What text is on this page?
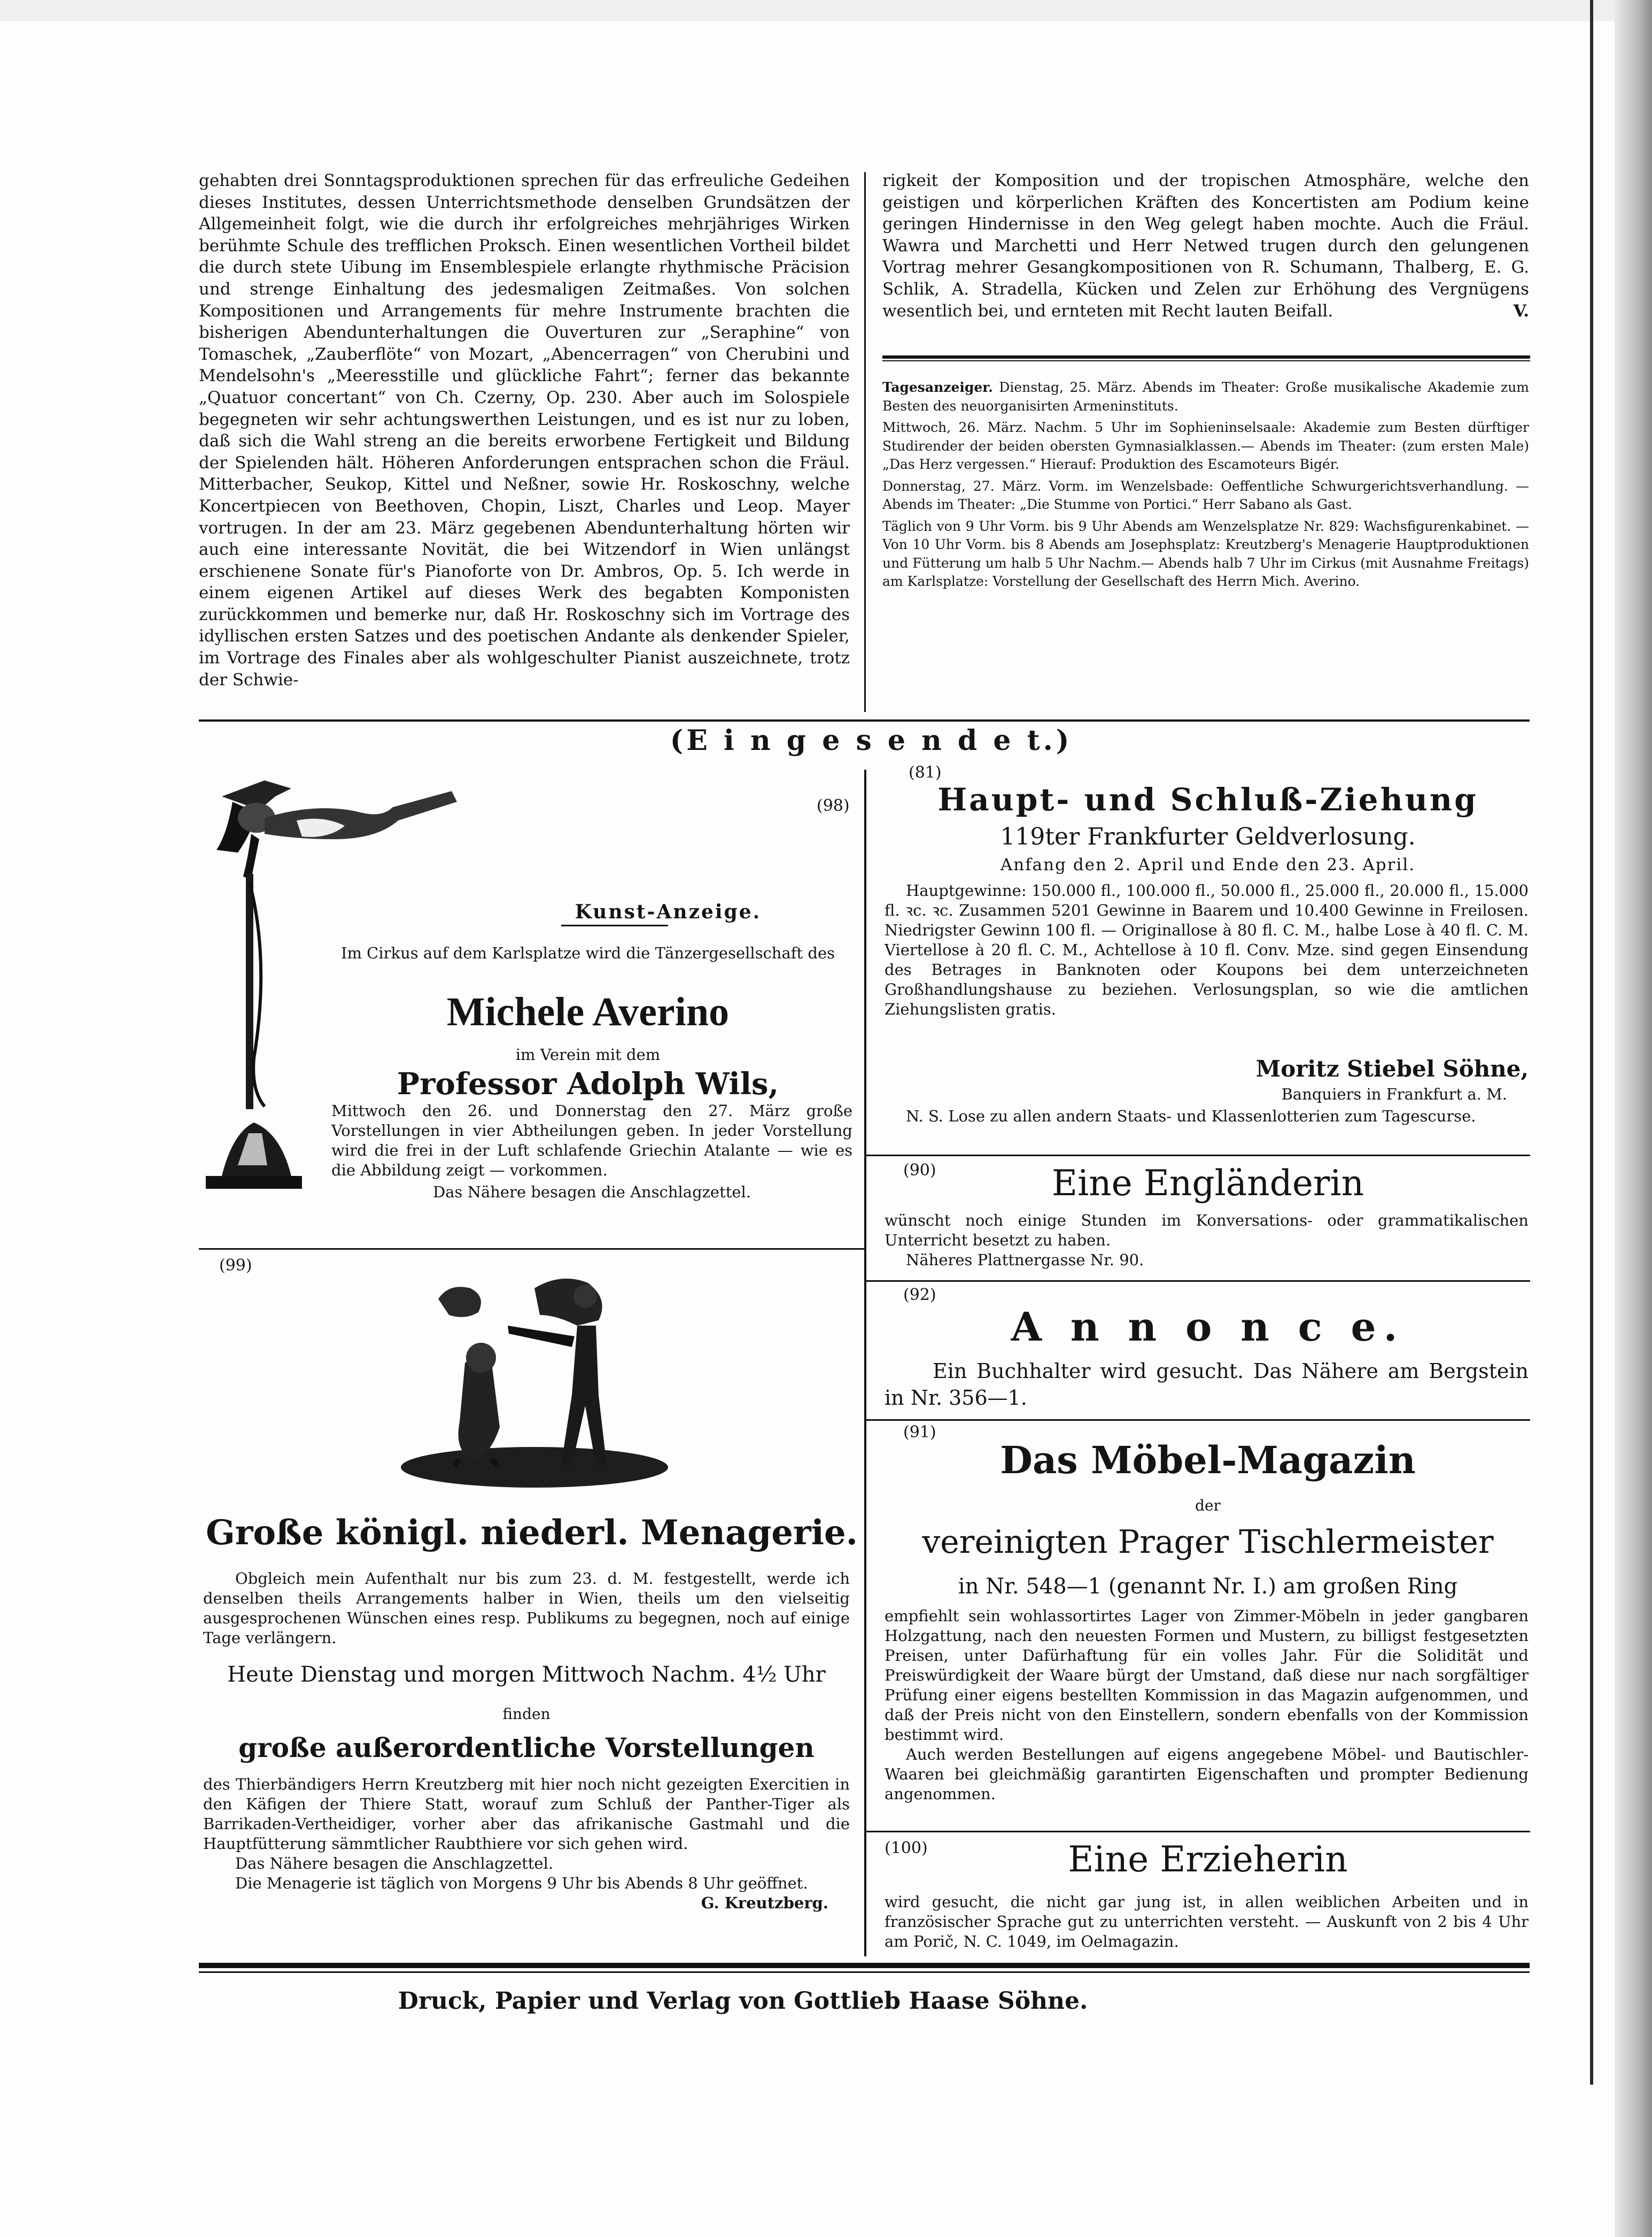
gehabten drei Sonntagsproduktionen sprechen für das erfreuliche Gedeihen dieses Institutes, dessen Unterrichtsmethode denselben Grundsätzen der Allgemeinheit folgt, wie die durch ihr erfolgreiches mehrjähriges Wirken berühmte Schule des trefflichen Proksch. Einen wesentlichen Vortheil bildet die durch stete Uibung im Ensemblespiele erlangte rhythmische Präcision und strenge Einhaltung des jedesmaligen Zeitmaßes. Von solchen Kompositionen und Arrangements für mehre Instrumente brachten die bisherigen Abendunterhaltungen die Ouverturen zur „Seraphine“ von Tomaschek, „Zauberflöte“ von Mozart, „Abencerragen“ von Cherubini und Mendelsohn's „Meeresstille und glückliche Fahrt“; ferner das bekannte „Quatuor concertant“ von Ch. Czerny, Op. 230. Aber auch im Solospiele begegneten wir sehr achtungswerthen Leistungen, und es ist nur zu loben, daß sich die Wahl streng an die bereits erworbene Fertigkeit und Bildung der Spielenden hält. Höheren Anforderungen entsprachen schon die Fräul. Mitterbacher, Seukop, Kittel und Neßner, sowie Hr. Roskoschny, welche Koncertpiecen von Beethoven, Chopin, Liszt, Charles und Leop. Mayer vortrugen. In der am 23. März gegebenen Abendunterhaltung hörten wir auch eine interessante Novität, die bei Witzendorf in Wien unlängst erschienene Sonate für's Pianoforte von Dr. Ambros, Op. 5. Ich werde in einem eigenen Artikel auf dieses Werk des begabten Komponisten zurückkommen und bemerke nur, daß Hr. Roskoschny sich im Vortrage des idyllischen ersten Satzes und des poetischen Andante als denkender Spieler, im Vortrage des Finales aber als wohlgeschulter Pianist auszeichnete, trotz der Schwie-

rigkeit der Komposition und der tropischen Atmosphäre, welche den geistigen und körperlichen Kräften des Koncertisten am Podium keine geringen Hindernisse in den Weg gelegt haben mochte. Auch die Fräul. Wawra und Marchetti und Herr Netwed trugen durch den gelungenen Vortrag mehrer Gesangkompositionen von R. Schumann, Thalberg, E. G. Schlik, A. Stradella, Kücken und Zelen zur Erhöhung des Vergnügens wesentlich bei, und ernteten mit Recht lauten Beifall.	V.

Tagesanzeiger. Dienstag, 25. März. Abends im Theater: Große musikalische Akademie zum Besten des neuorganisirten Armeninstituts.

Mittwoch, 26. März. Nachm. 5 Uhr im Sophieninselsaale: Akademie zum Besten dürftiger Studirender der beiden obersten Gymnasialklassen.— Abends im Theater: (zum ersten Male) „Das Herz vergessen.“ Hierauf: Produktion des Escamoteurs Bigér.

Donnerstag, 27. März. Vorm. im Wenzelsbade: Oeffentliche Schwurgerichtsverhandlung. — Abends im Theater: „Die Stumme von Portici.“ Herr Sabano als Gast.

Täglich von 9 Uhr Vorm. bis 9 Uhr Abends am Wenzelsplatze Nr. 829: Wachsfigurenkabinet. — Von 10 Uhr Vorm. bis 8 Abends am Josephsplatz: Kreutzberg's Menagerie Hauptproduktionen und Fütterung um halb 5 Uhr Nachm.— Abends halb 7 Uhr im Cirkus (mit Ausnahme Freitags) am Karlsplatze: Vorstellung der Gesellschaft des Herrn Mich. Averino.

(E i n g e s e n d e t.)
(98)
Kunst-Anzeige.
Im Cirkus auf dem Karlsplatze wird die Tänzergesellschaft des
Michele Averino
im Verein mit dem
Professor Adolph Wils,

Mittwoch den 26. und Donnerstag den 27. März große Vorstellungen in vier Abtheilungen geben. In jeder Vorstellung wird die frei in der Luft schlafende Griechin Atalante — wie es die Abbildung zeigt — vorkommen.

Das Nähere besagen die Anschlagzettel.

(99)
Große königl. niederl. Menagerie.

Obgleich mein Aufenthalt nur bis zum 23. d. M. festgestellt, werde ich denselben theils Arrangements halber in Wien, theils um den vielseitig ausgesprochenen Wünschen eines resp. Publikums zu begegnen, noch auf einige Tage verlängern.

Heute Dienstag und morgen Mittwoch Nachm. 4½ Uhr
finden
große außerordentliche Vorstellungen

des Thierbändigers Herrn Kreutzberg mit hier noch nicht gezeigten Exercitien in den Käfigen der Thiere Statt, worauf zum Schluß der Panther-Tiger als Barrikaden-Vertheidiger, vorher aber das afrikanische Gastmahl und die Hauptfütterung sämmtlicher Raubthiere vor sich gehen wird.

Das Nähere besagen die Anschlagzettel.

Die Menagerie ist täglich von Morgens 9 Uhr bis Abends 8 Uhr geöffnet.

G. Kreutzberg.

(81)
Haupt- und Schluß-Ziehung
119ter Frankfurter Geldverlosung.
Anfang den 2. April und Ende den 23. April.

Hauptgewinne: 150.000 fl., 100.000 fl., 50.000 fl., 25.000 fl., 20.000 fl., 15.000 fl. ꝛc. ꝛc. Zusammen 5201 Gewinne in Baarem und 10.400 Gewinne in Freilosen. Niedrigster Gewinn 100 fl. — Originallose à 80 fl. C. M., halbe Lose à 40 fl. C. M. Viertellose à 20 fl. C. M., Achtellose à 10 fl. Conv. Mze. sind gegen Einsendung des Betrages in Banknoten oder Koupons bei dem unterzeichneten Großhandlungshause zu beziehen. Verlosungsplan, so wie die amtlichen Ziehungslisten gratis.

Moritz Stiebel Söhne,
Banquiers in Frankfurt a. M.

N. S. Lose zu allen andern Staats- und Klassenlotterien zum Tagescurse.

(90)	Eine Engländerin

wünscht noch einige Stunden im Konversations- oder grammatikalischen Unterricht besetzt zu haben.

Näheres Plattnergasse Nr. 90.

(92)
A n n o n c e.

Ein Buchhalter wird gesucht. Das Nähere am Bergstein in Nr. 356—1.

(91)
Das Möbel-Magazin
der
vereinigten Prager Tischlermeister
in Nr. 548—1 (genannt Nr. I.) am großen Ring

empfiehlt sein wohlassortirtes Lager von Zimmer-Möbeln in jeder gangbaren Holzgattung, nach den neuesten Formen und Mustern, zu billigst festgesetzten Preisen, unter Dafürhaftung für ein volles Jahr. Für die Solidität und Preiswürdigkeit der Waare bürgt der Umstand, daß diese nur nach sorgfältiger Prüfung einer eigens bestellten Kommission in das Magazin aufgenommen, und daß der Preis nicht von den Einstellern, sondern ebenfalls von der Kommission bestimmt wird.

Auch werden Bestellungen auf eigens angegebene Möbel- und Bautischler-Waaren bei gleichmäßig garantirten Eigenschaften und prompter Bedienung angenommen.

(100)	Eine Erzieherin

wird gesucht, die nicht gar jung ist, in allen weiblichen Arbeiten und in französischer Sprache gut zu unterrichten versteht. — Auskunft von 2 bis 4 Uhr am Porič, N. C. 1049, im Oelmagazin.

Druck, Papier und Verlag von Gottlieb Haase Söhne.
